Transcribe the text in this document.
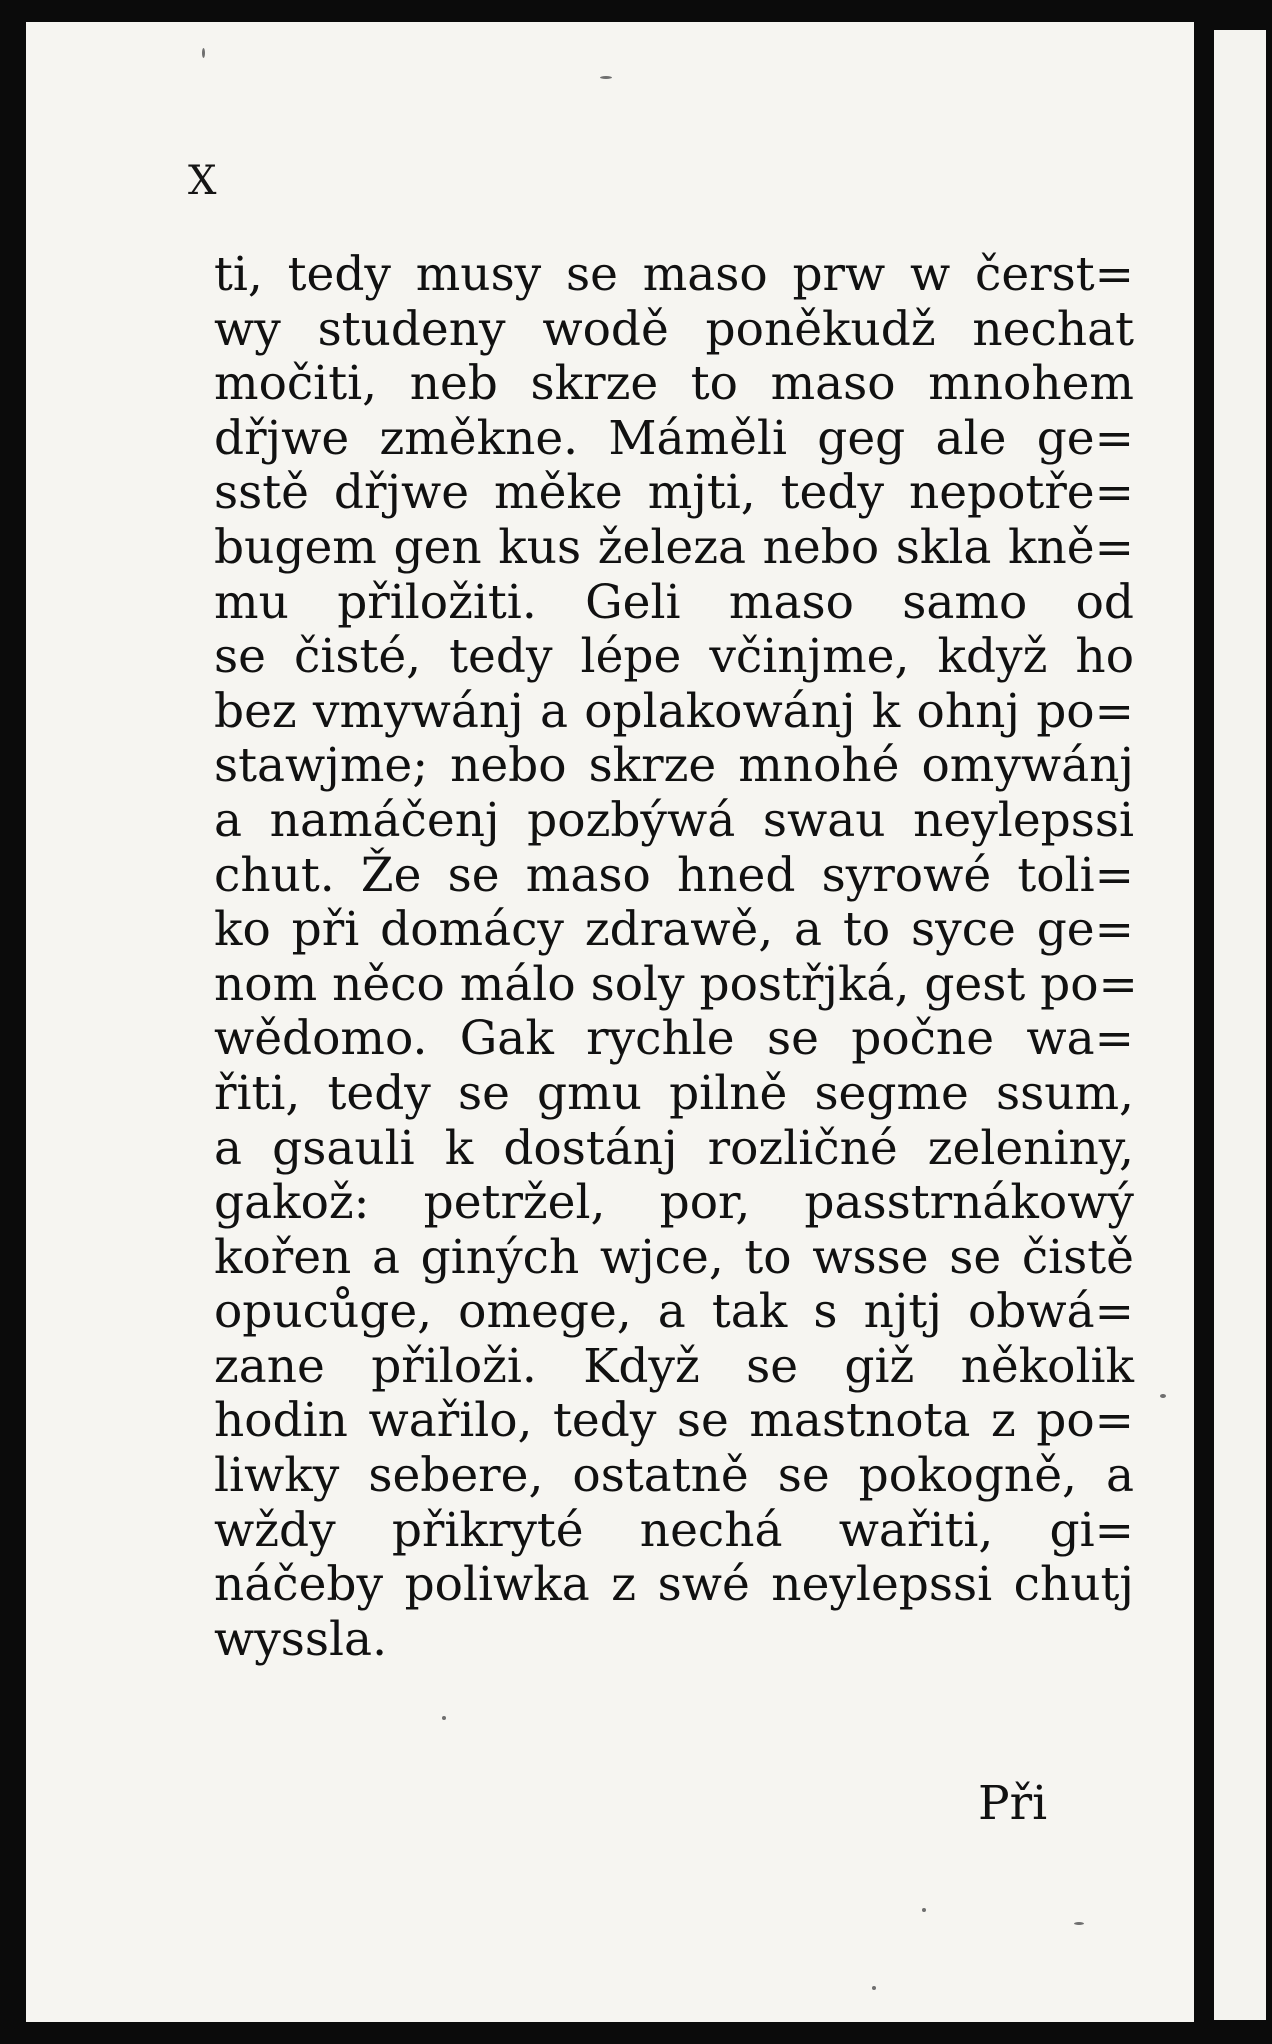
X
ti, tedy musy se maso prw w čerst=
wy studeny wodě poněkudž nechat
močiti, neb skrze to maso mnohem
dřjwe změkne. Máměli geg ale ge=
sstě dřjwe měke mjti, tedy nepotře=
bugem gen kus železa nebo skla kně=
mu přiložiti. Geli maso samo od
se čisté, tedy lépe včinjme, když ho
bez vmywánj a oplakowánj k ohnj po=
stawjme; nebo skrze mnohé omywánj
a namáčenj pozbýwá swau neylepssi
chut. Že se maso hned syrowé toli=
ko při domácy zdrawě, a to syce ge=
nom něco málo soly postřjká, gest po=
wědomo. Gak rychle se počne wa=
řiti, tedy se gmu pilně segme ssum,
a gsauli k dostánj rozličné zeleniny,
gakož: petržel, por, passtrnákowý
kořen a giných wjce, to wsse se čistě
opucůge, omege, a tak s njtj obwá=
zane přiloži. Když se giž několik
hodin wařilo, tedy se mastnota z po=
liwky sebere, ostatně se pokogně, a
wždy přikryté nechá wařiti, gi=
náčeby poliwka z swé neylepssi chutj
wyssla.
Při
